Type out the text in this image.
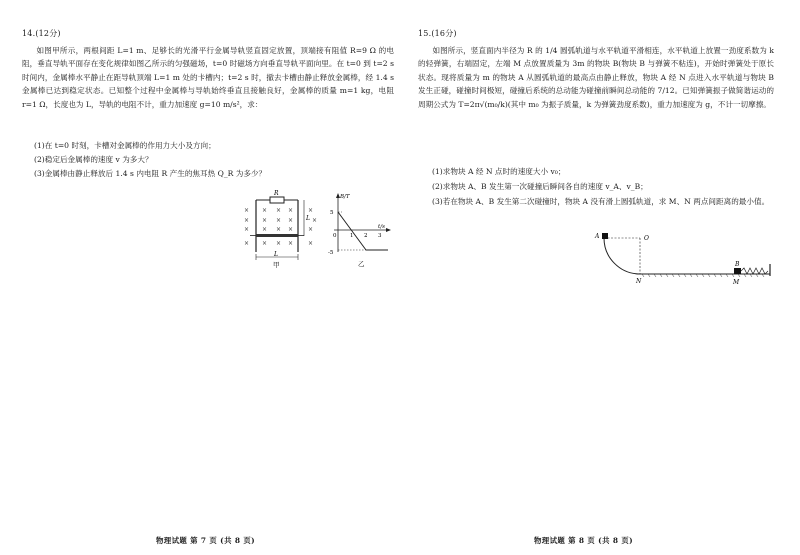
14.(12分)

如图甲所示，两根间距 L=1 m、足够长的光滑平行金属导轨竖直固定放置，顶端接有阻值 R=9 Ω 的电阻，垂直导轨平面存在变化规律如图乙所示的匀强磁场，t=0 时磁场方向垂直导轨平面向里。在 t=0 到 t=2 s 时间内，金属棒水平静止在距导轨顶端 L=1 m 处的卡槽内；t=2 s 时，撤去卡槽由静止释放金属棒，经 1.4 s 金属棒已达到稳定状态。已知整个过程中金属棒与导轨始终垂直且接触良好，金属棒的质量 m=1 kg，电阻 r=1 Ω，长度也为 L，导轨的电阻不计，重力加速度 g=10 m/s²，求：

(1)在 t=0 时刻，卡槽对金属棒的作用力大小及方向；

(2)稳定后金属棒的速度 v 为多大？

(3)金属棒由静止释放后 1.4 s 内电阻 R 产生的焦耳热 Q_R 为多少？

R
L
× × × × ×
× × × ×	×
× × × × ×
× × × × ×
L
甲
B/T
t/s
5
-5
0 1 2 3
乙
物理试题 第 7 页 (共 8 页)
15.(16分)

如图所示，竖直面内半径为 R 的 1/4 圆弧轨道与水平轨道平滑相连，水平轨道上放置一劲度系数为 k 的轻弹簧，右端固定，左端 M 点放置质量为 3m 的物块 B(物块 B 与弹簧不粘连)，开始时弹簧处于原长状态。现将质量为 m 的物块 A 从圆弧轨道的最高点由静止释放，物块 A 经 N 点进入水平轨道与物块 B 发生正碰，碰撞时间极短，碰撞后系统的总动能为碰撞前瞬间总动能的 7/12。已知弹簧振子做简谐运动的周期公式为 T=2π√(m₀/k)(其中 m₀ 为振子质量，k 为弹簧劲度系数)，重力加速度为 g，不计一切摩擦。

(1)求物块 A 经 N 点时的速度大小 v₀；

(2)求物块 A、B 发生第一次碰撞后瞬间各自的速度 v_A、v_B；

(3)若在物块 A、B 发生第二次碰撞时，物块 A 没有滑上圆弧轨道，求 M、N 两点间距离的最小值。

A	O
N
B
M
物理试题 第 8 页 (共 8 页)
